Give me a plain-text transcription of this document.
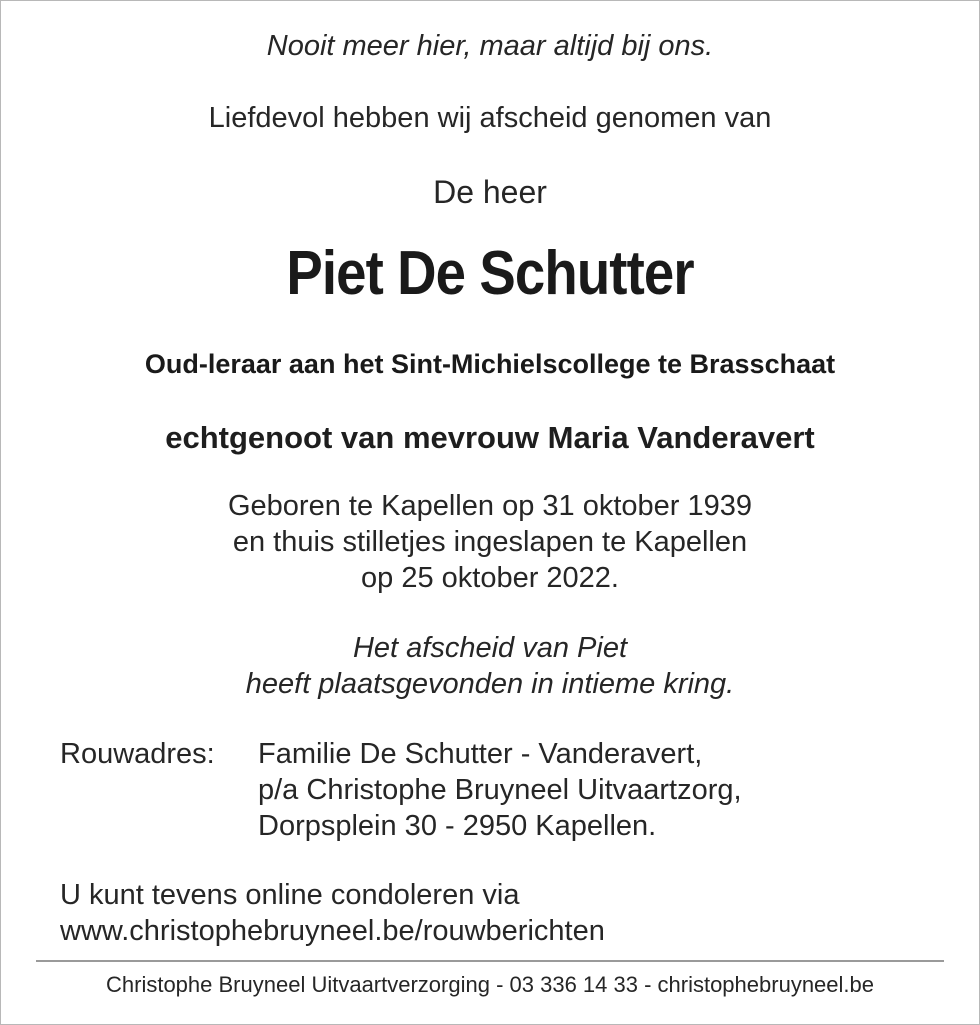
Nooit meer hier, maar altijd bij ons.
Liefdevol hebben wij afscheid genomen van
De heer
Piet De Schutter
Oud-leraar aan het Sint-Michielscollege te Brasschaat
echtgenoot van mevrouw Maria Vanderavert
Geboren te Kapellen op 31 oktober 1939
en thuis stilletjes ingeslapen te Kapellen
op 25 oktober 2022.
Het afscheid van Piet
heeft plaatsgevonden in intieme kring.
Rouwadres: Familie De Schutter - Vanderavert,
p/a Christophe Bruyneel Uitvaartzorg,
Dorpsplein 30 - 2950 Kapellen.
U kunt tevens online condoleren via
www.christophebruyneel.be/rouwberichten
Christophe Bruyneel Uitvaartverzorging - 03 336 14 33 - christophebruyneel.be
